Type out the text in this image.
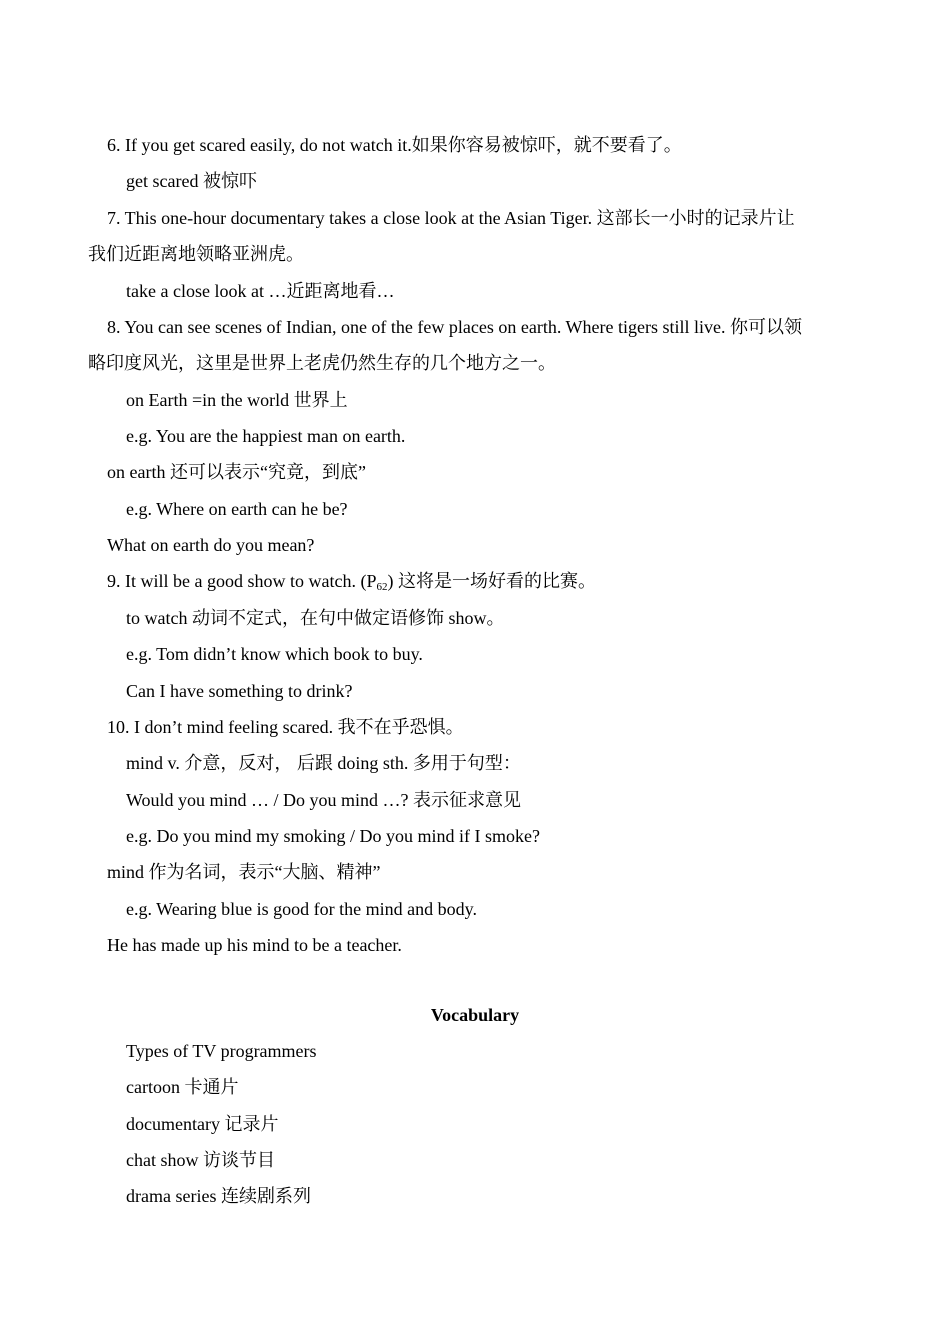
6. If you get scared easily, do not watch it.如果你容易被惊吓，就不要看了。
get scared 被惊吓
7. This one-hour documentary takes a close look at the Asian Tiger. 这部长一小时的记录片让
我们近距离地领略亚洲虎。
take a close look at …近距离地看…
8. You can see scenes of Indian, one of the few places on earth. Where tigers still live. 你可以领
略印度风光，这里是世界上老虎仍然生存的几个地方之一。
on Earth =in the world 世界上
e.g. You are the happiest man on earth.
on earth 还可以表示“究竟，到底”
e.g. Where on earth can he be?
What on earth do you mean?
9. It will be a good show to watch. $(P_{62})$ 这将是一场好看的比赛。
to watch 动词不定式，在句中做定语修饰 show。
e.g. Tom didn’t know which book to buy.
Can I have something to drink?
10. I don’t mind feeling scared. 我不在乎恐惧。
mind v. 介意，反对， 后跟 doing sth. 多用于句型：
Would you mind … / Do you mind …? 表示征求意见
e.g. Do you mind my smoking / Do you mind if I smoke?
mind 作为名词，表示“大脑、精神”
e.g. Wearing blue is good for the mind and body.
He has made up his mind to be a teacher.
Vocabulary
Types of TV programmers
cartoon 卡通片
documentary 记录片
chat show 访谈节目
drama series 连续剧系列
